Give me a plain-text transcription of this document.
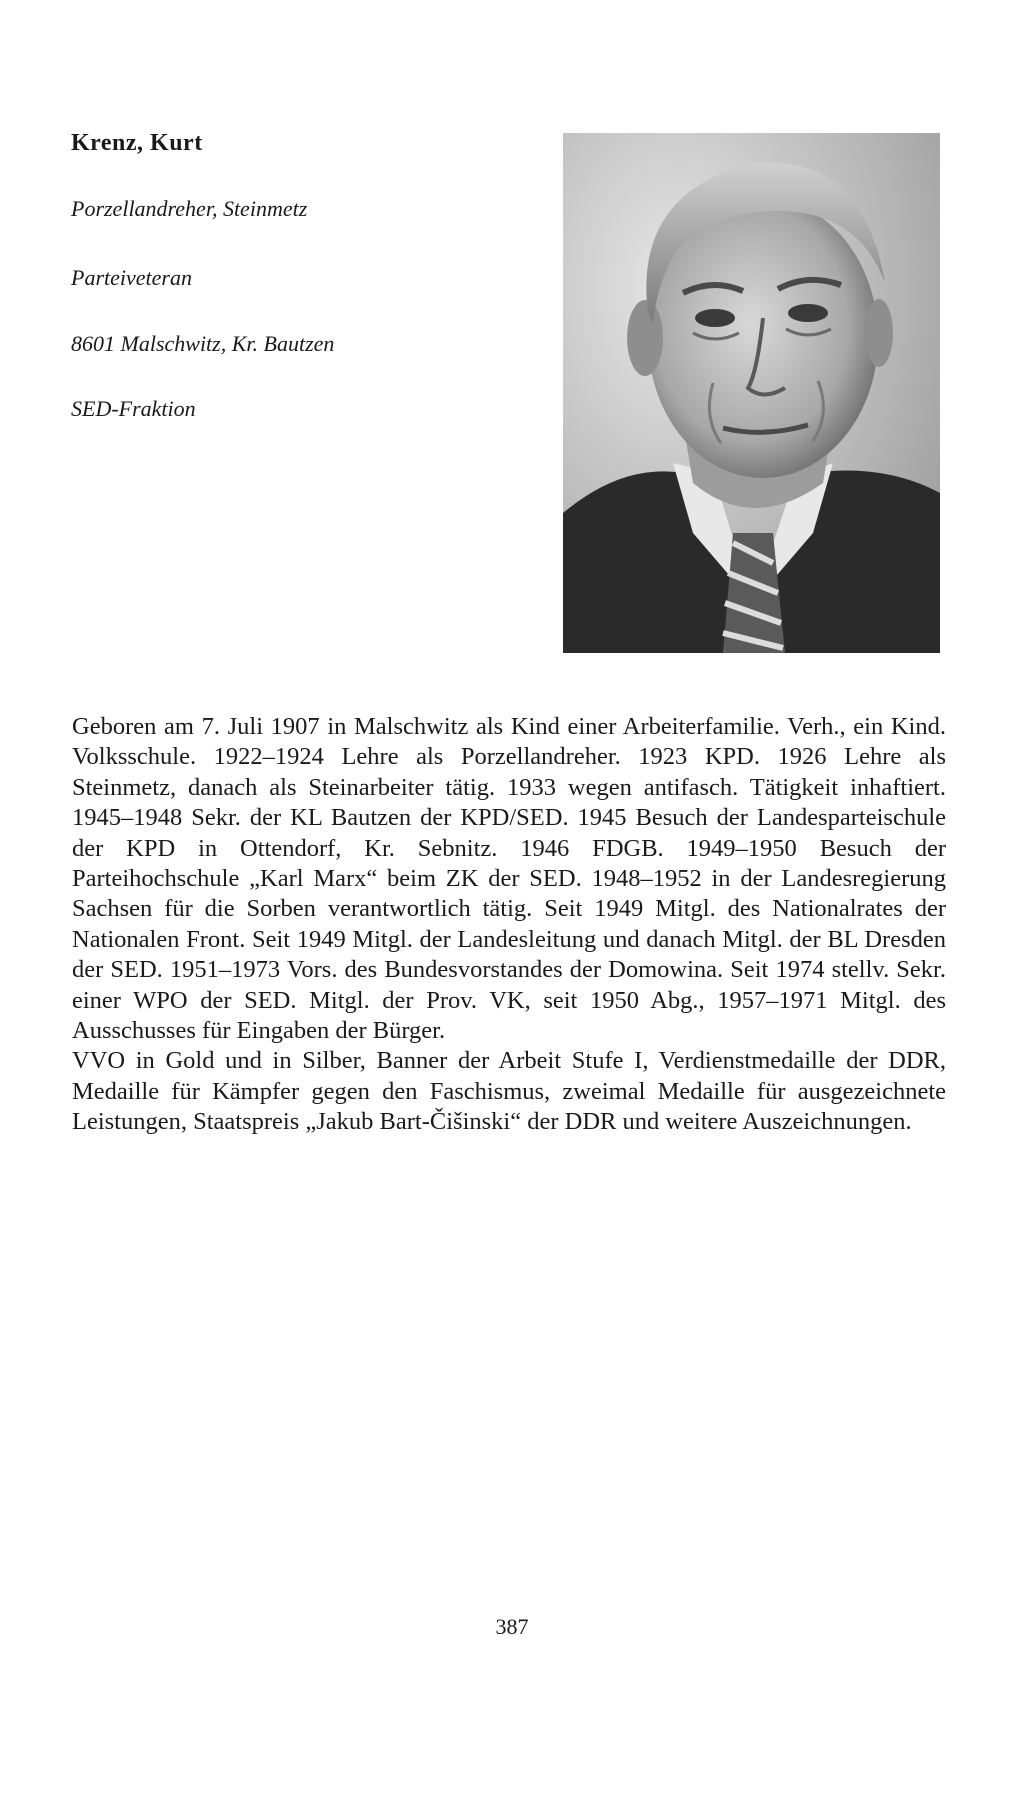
Krenz, Kurt

Porzellandreher, Steinmetz

Parteiveteran

8601 Malschwitz, Kr. Bautzen

SED-Fraktion

Geboren am 7. Juli 1907 in Malschwitz als Kind einer Arbeiterfamilie. Verh., ein Kind. Volksschule. 1922–1924 Lehre als Porzellandreher. 1923 KPD. 1926 Lehre als Steinmetz, danach als Steinarbeiter tätig. 1933 wegen antifasch. Tätigkeit inhaftiert. 1945–1948 Sekr. der KL Bautzen der KPD/SED. 1945 Besuch der Landesparteischule der KPD in Ottendorf, Kr. Sebnitz. 1946 FDGB. 1949–1950 Besuch der Parteihochschule „Karl Marx“ beim ZK der SED. 1948–1952 in der Landesregierung Sachsen für die Sorben verantwortlich tätig. Seit 1949 Mitgl. des Nationalrates der Nationalen Front. Seit 1949 Mitgl. der Landesleitung und danach Mitgl. der BL Dresden der SED. 1951–1973 Vors. des Bundesvorstandes der Domowina. Seit 1974 stellv. Sekr. einer WPO der SED. Mitgl. der Prov. VK, seit 1950 Abg., 1957–1971 Mitgl. des Ausschusses für Eingaben der Bürger.

VVO in Gold und in Silber, Banner der Arbeit Stufe I, Verdienstmedaille der DDR, Medaille für Kämpfer gegen den Faschismus, zweimal Medaille für ausgezeichnete Leistungen, Staatspreis „Jakub Bart-Čišinski“ der DDR und weitere Auszeichnungen.

387
